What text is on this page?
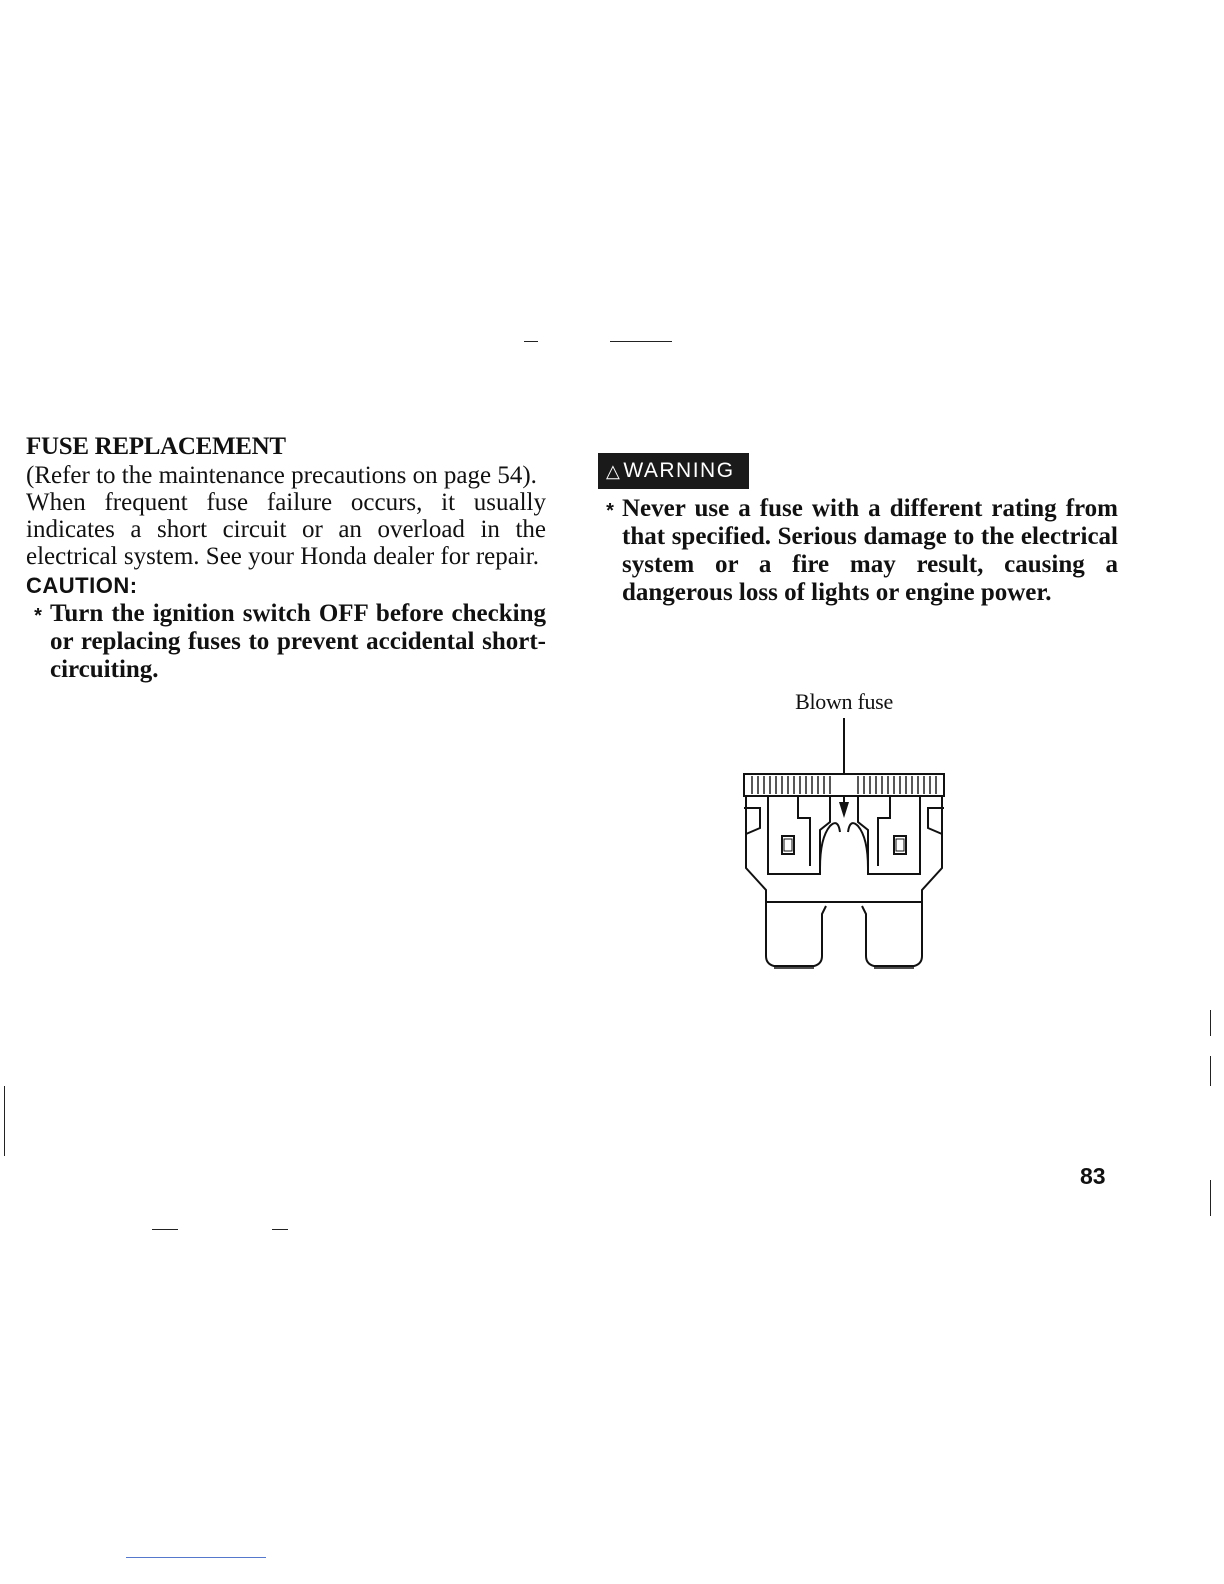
FUSE REPLACEMENT

(Refer to the maintenance precautions on page 54).

When frequent fuse failure occurs, it usually indicates a short circuit or an overload in the electrical system. See your Honda dealer for repair.

CAUTION:
* Turn the ignition switch OFF before checking or replacing fuses to prevent accidental short-circuiting.
△ WARNING
* Never use a fuse with a different rating from that specified. Serious damage to the electrical system or a fire may result, causing a dangerous loss of lights or engine power.
Blown fuse
83
